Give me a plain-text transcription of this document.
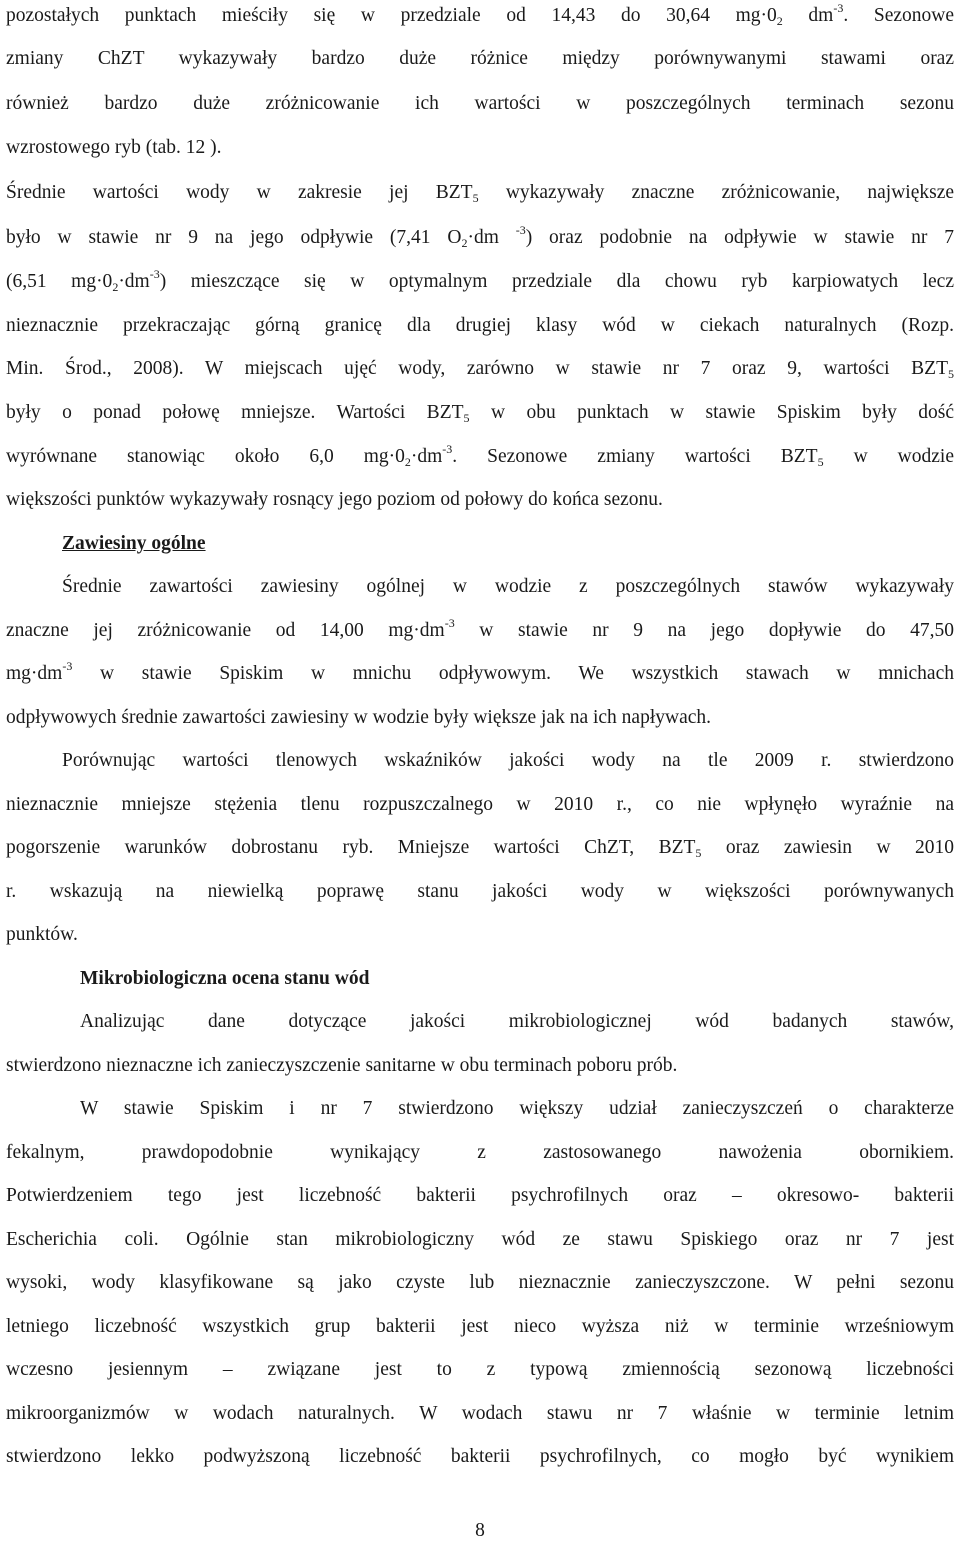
pozostałych punktach mieściły się w przedziale od 14,43 do 30,64 $mg\cdot 0_2$ $dm^{-3}$. Sezonowe
zmiany ChZT wykazywały bardzo duże różnice między porównywanymi stawami oraz
również bardzo duże zróżnicowanie ich wartości w poszczególnych terminach sezonu
wzrostowego ryb (tab. 12 ).
Średnie wartości wody w zakresie jej $BZT_5$ wykazywały znaczne zróżnicowanie, największe
było w stawie nr 9 na jego odpływie (7,41 $O_2\cdot dm$ $^{-3}$) oraz podobnie na odpływie w stawie nr 7
(6,51 $mg\cdot 0_2\cdot dm^{-3}$) mieszczące się w optymalnym przedziale dla chowu ryb karpiowatych lecz
nieznacznie przekraczając górną granicę dla drugiej klasy wód w ciekach naturalnych (Rozp.
Min. Środ., 2008). W miejscach ujęć wody, zarówno w stawie nr 7 oraz 9, wartości $BZT_5$
były o ponad połowę mniejsze. Wartości $BZT_5$ w obu punktach w stawie Spiskim były dość
wyrównane stanowiąc około 6,0 $mg\cdot 0_2\cdot dm^{-3}$. Sezonowe zmiany wartości $BZT_5$ w wodzie
większości punktów wykazywały rosnący jego poziom od połowy do końca sezonu.
Zawiesiny ogólne
Średnie zawartości zawiesiny ogólnej w wodzie z poszczególnych stawów wykazywały
znaczne jej zróżnicowanie od 14,00 $mg\cdot dm^{-3}$ w stawie nr 9 na jego dopływie do 47,50
$mg\cdot dm^{-3}$ w stawie Spiskim w mnichu odpływowym. We wszystkich stawach w mnichach
odpływowych średnie zawartości zawiesiny w wodzie były większe jak na ich napływach.
Porównując wartości tlenowych wskaźników jakości wody na tle 2009 r. stwierdzono
nieznacznie mniejsze stężenia tlenu rozpuszczalnego w 2010 r., co nie wpłynęło wyraźnie na
pogorszenie warunków dobrostanu ryb. Mniejsze wartości ChZT, $BZT_5$ oraz zawiesin w 2010
r. wskazują na niewielką poprawę stanu jakości wody w większości porównywanych
punktów.
Mikrobiologiczna ocena stanu wód
Analizując dane dotyczące jakości mikrobiologicznej wód badanych stawów,
stwierdzono nieznaczne ich zanieczyszczenie sanitarne w obu terminach poboru prób.
W stawie Spiskim i nr 7 stwierdzono większy udział zanieczyszczeń o charakterze
fekalnym, prawdopodobnie wynikający z zastosowanego nawożenia obornikiem.
Potwierdzeniem tego jest liczebność bakterii psychrofilnych oraz – okresowo- bakterii
Escherichia coli. Ogólnie stan mikrobiologiczny wód ze stawu Spiskiego oraz nr 7 jest
wysoki, wody klasyfikowane są jako czyste lub nieznacznie zanieczyszczone. W pełni sezonu
letniego liczebność wszystkich grup bakterii jest nieco wyższa niż w terminie wrześniowym
wczesno jesiennym – związane jest to z typową zmiennością sezonową liczebności
mikroorganizmów w wodach naturalnych. W wodach stawu nr 7 właśnie w terminie letnim
stwierdzono lekko podwyższoną liczebność bakterii psychrofilnych, co mogło być wynikiem
8
